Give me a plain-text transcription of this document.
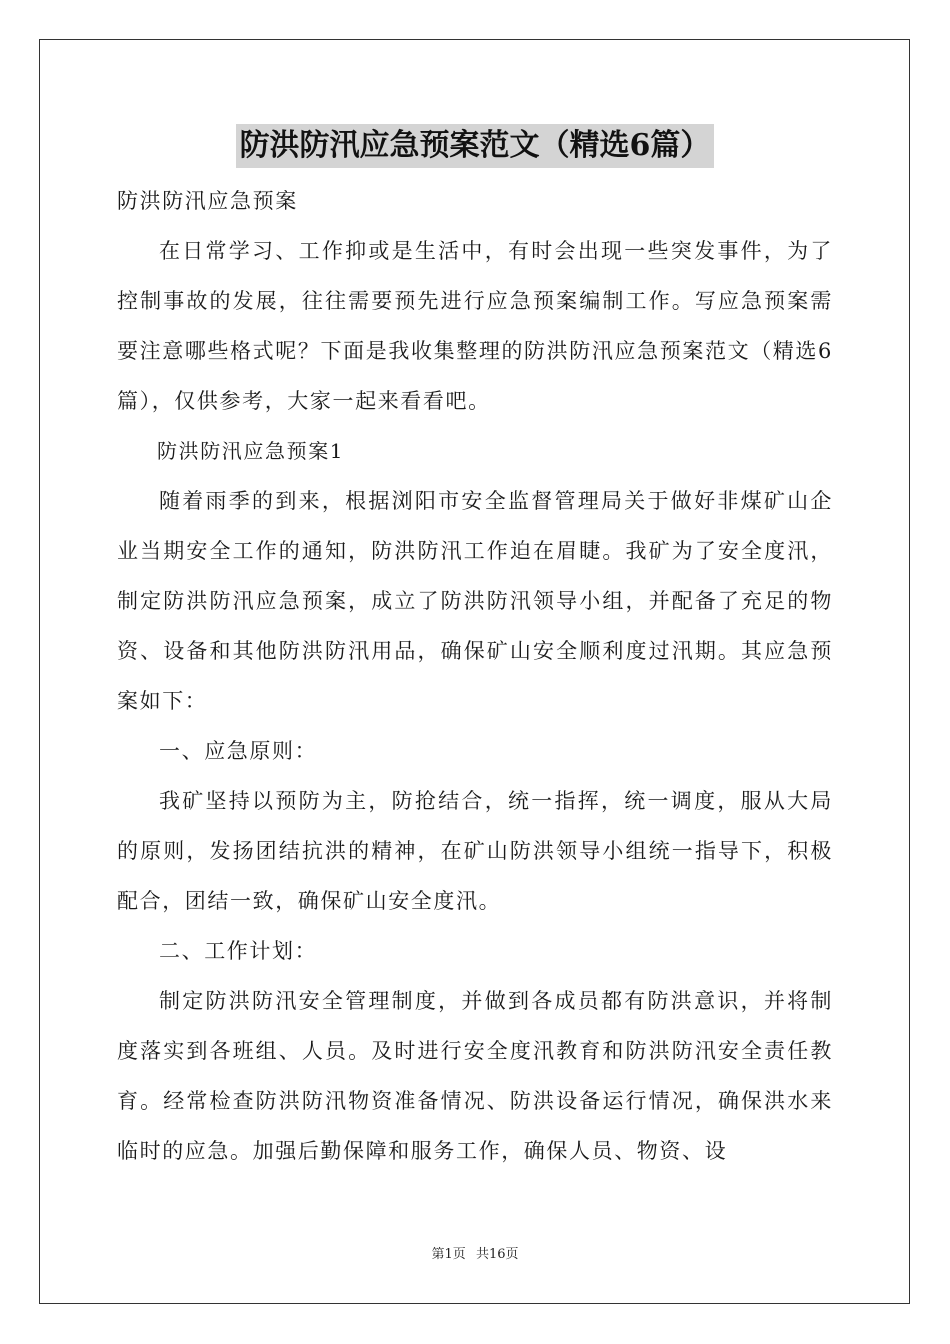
防洪防汛应急预案范文（精选6篇）

防洪防汛应急预案

在日常学习、工作抑或是生活中，有时会出现一些突发事件，为了控制事故的发展，往往需要预先进行应急预案编制工作。写应急预案需要注意哪些格式呢？下面是我收集整理的防洪防汛应急预案范文（精选6篇），仅供参考，大家一起来看看吧。

防洪防汛应急预案1

随着雨季的到来，根据浏阳市安全监督管理局关于做好非煤矿山企业当期安全工作的通知，防洪防汛工作迫在眉睫。我矿为了安全度汛，制定防洪防汛应急预案，成立了防洪防汛领导小组，并配备了充足的物资、设备和其他防洪防汛用品，确保矿山安全顺利度过汛期。其应急预案如下：

一、应急原则：

我矿坚持以预防为主，防抢结合，统一指挥，统一调度，服从大局的原则，发扬团结抗洪的精神，在矿山防洪领导小组统一指导下，积极配合，团结一致，确保矿山安全度汛。

二、工作计划：

制定防洪防汛安全管理制度，并做到各成员都有防洪意识，并将制度落实到各班组、人员。及时进行安全度汛教育和防洪防汛安全责任教育。经常检查防洪防汛物资准备情况、防洪设备运行情况，确保洪水来临时的应急。加强后勤保障和服务工作，确保人员、物资、设

第1页 共16页
